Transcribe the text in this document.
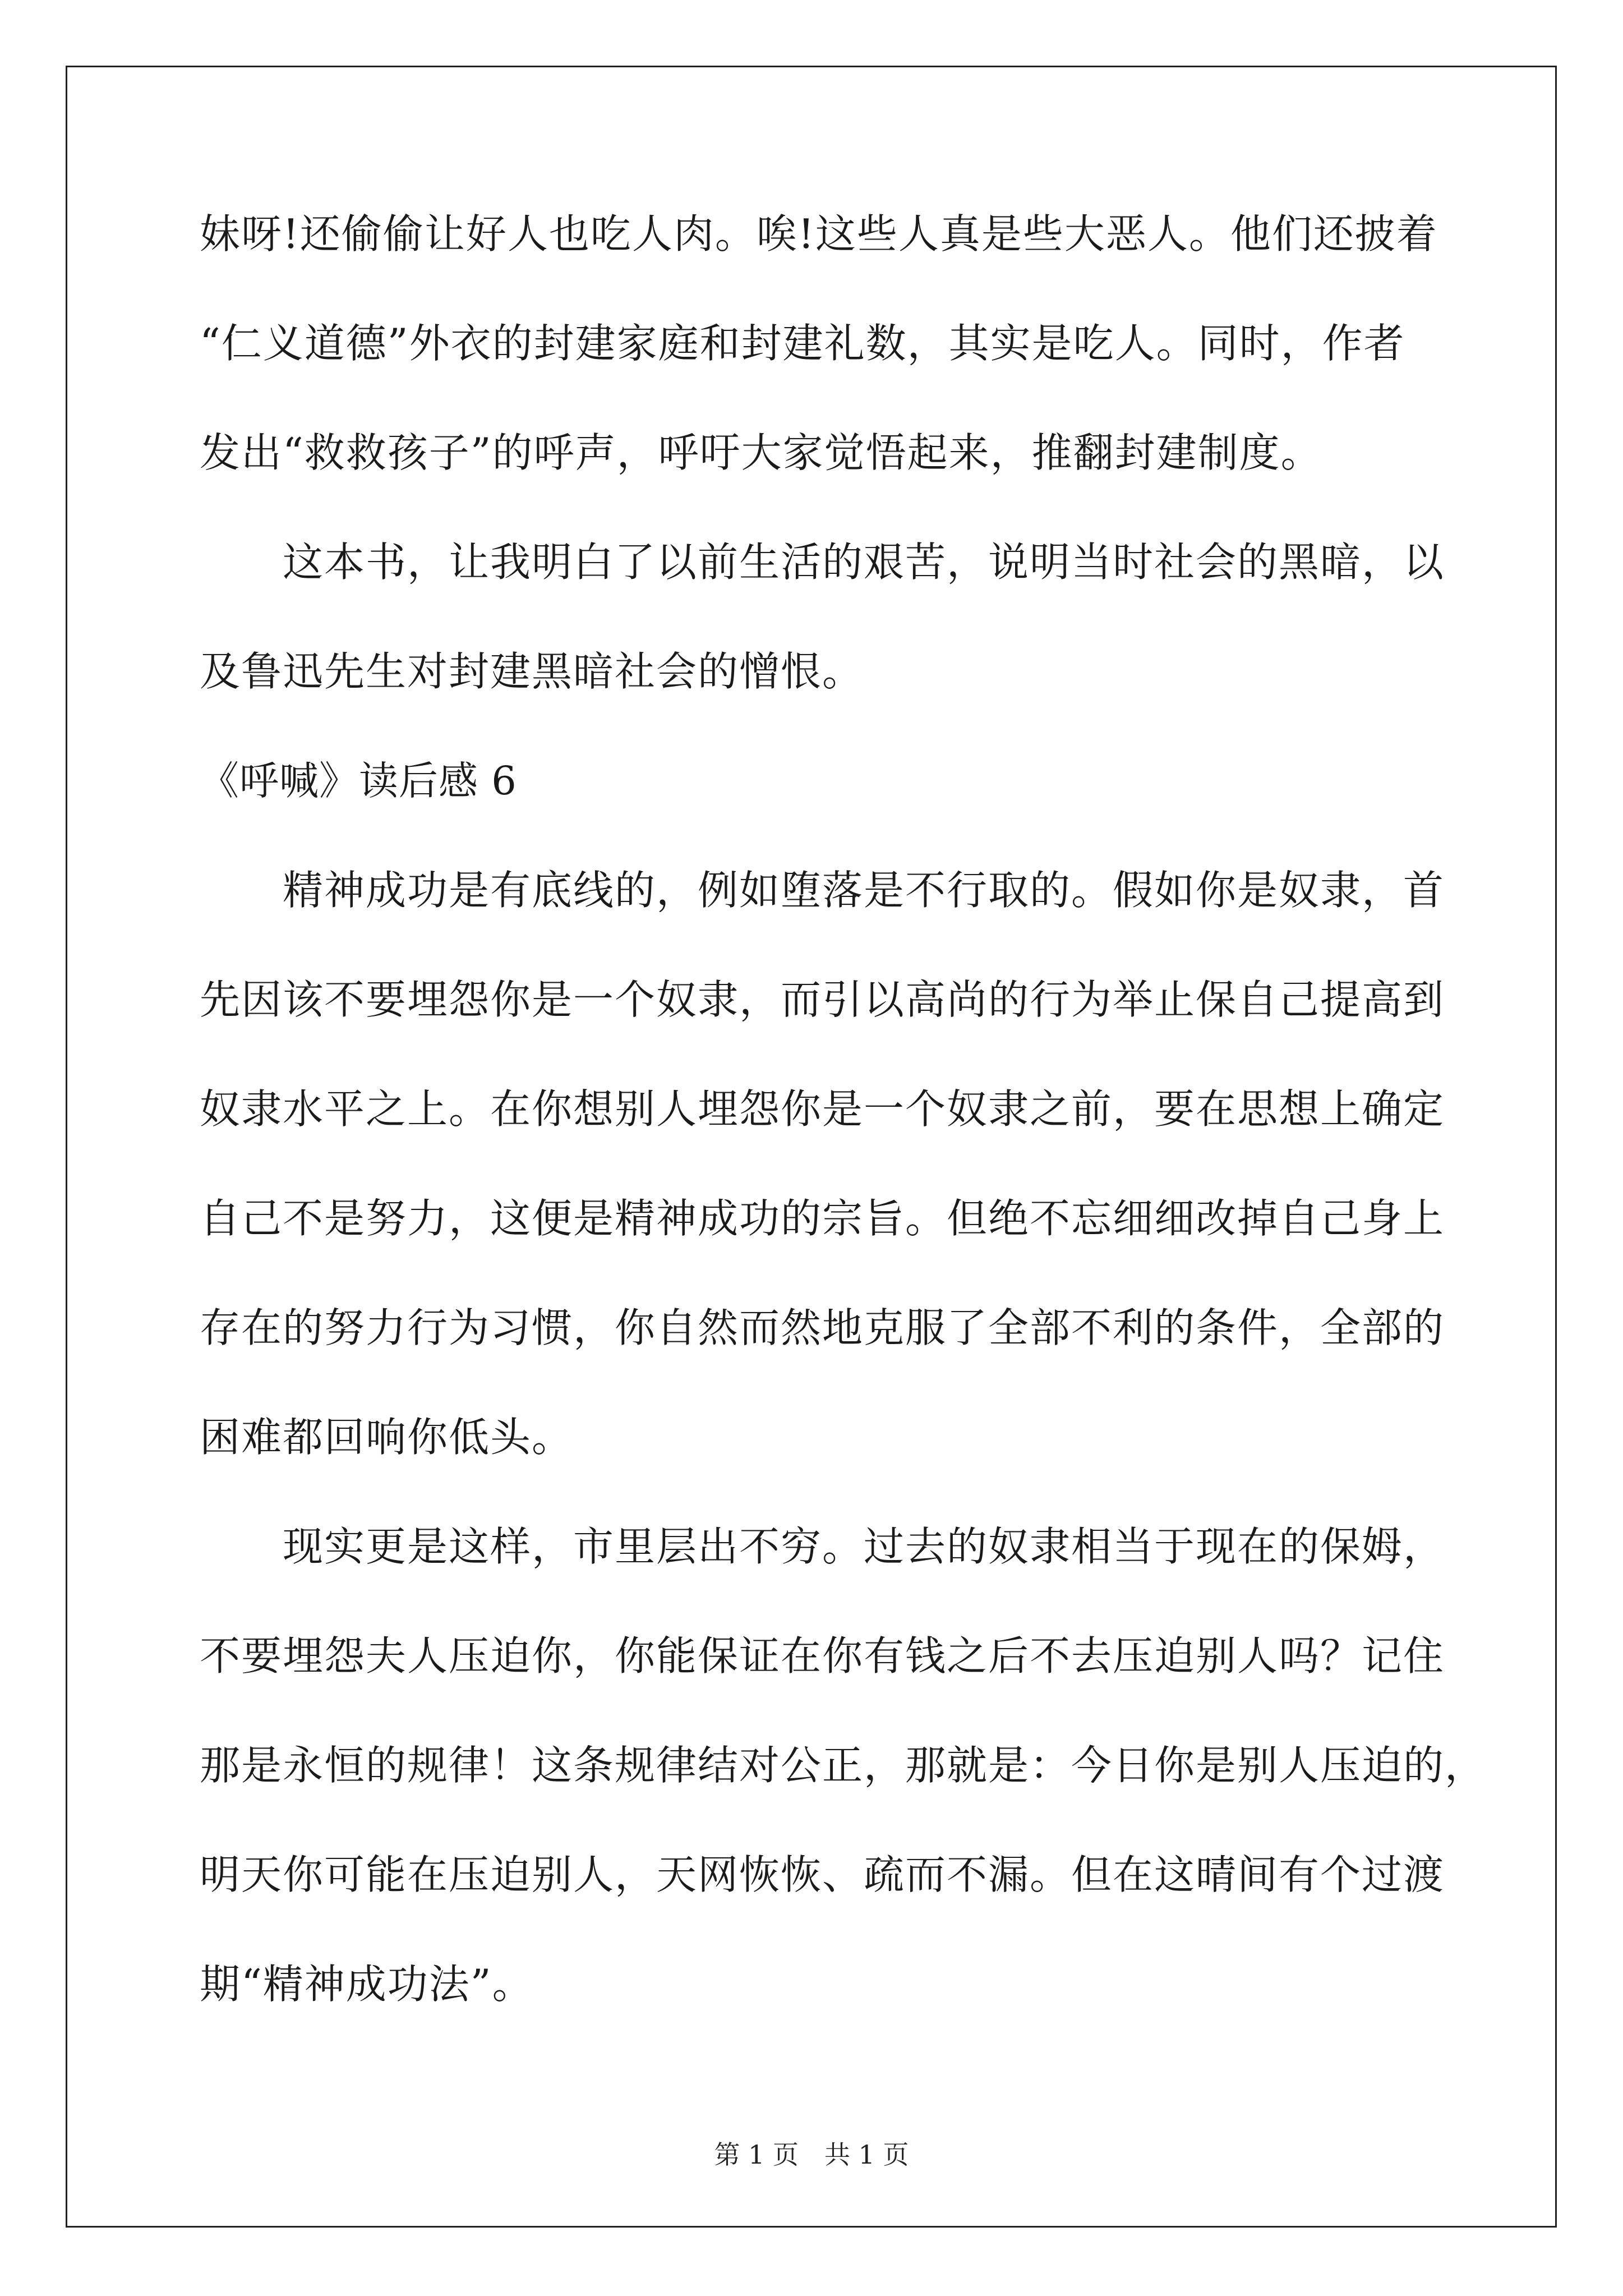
妹呀!还偷偷让好人也吃人肉。唉!这些人真是些大恶人。他们还披着
“仁义道德”外衣的封建家庭和封建礼数，其实是吃人。同时，作者
发出“救救孩子”的呼声，呼吁大家觉悟起来，推翻封建制度。
这本书，让我明白了以前生活的艰苦，说明当时社会的黑暗，以
及鲁迅先生对封建黑暗社会的憎恨。
《呼喊》读后感 6
精神成功是有底线的，例如堕落是不行取的。假如你是奴隶，首
先因该不要埋怨你是一个奴隶，而引以高尚的行为举止保自己提高到
奴隶水平之上。在你想别人埋怨你是一个奴隶之前，要在思想上确定
自己不是努力，这便是精神成功的宗旨。但绝不忘细细改掉自己身上
存在的努力行为习惯，你自然而然地克服了全部不利的条件，全部的
困难都回响你低头。
现实更是这样，市里层出不穷。过去的奴隶相当于现在的保姆，
不要埋怨夫人压迫你，你能保证在你有钱之后不去压迫别人吗？记住
那是永恒的规律！这条规律结对公正，那就是：今日你是别人压迫的，
明天你可能在压迫别人，天网恢恢、疏而不漏。但在这晴间有个过渡
期“精神成功法”。
第 1 页　共 1 页
